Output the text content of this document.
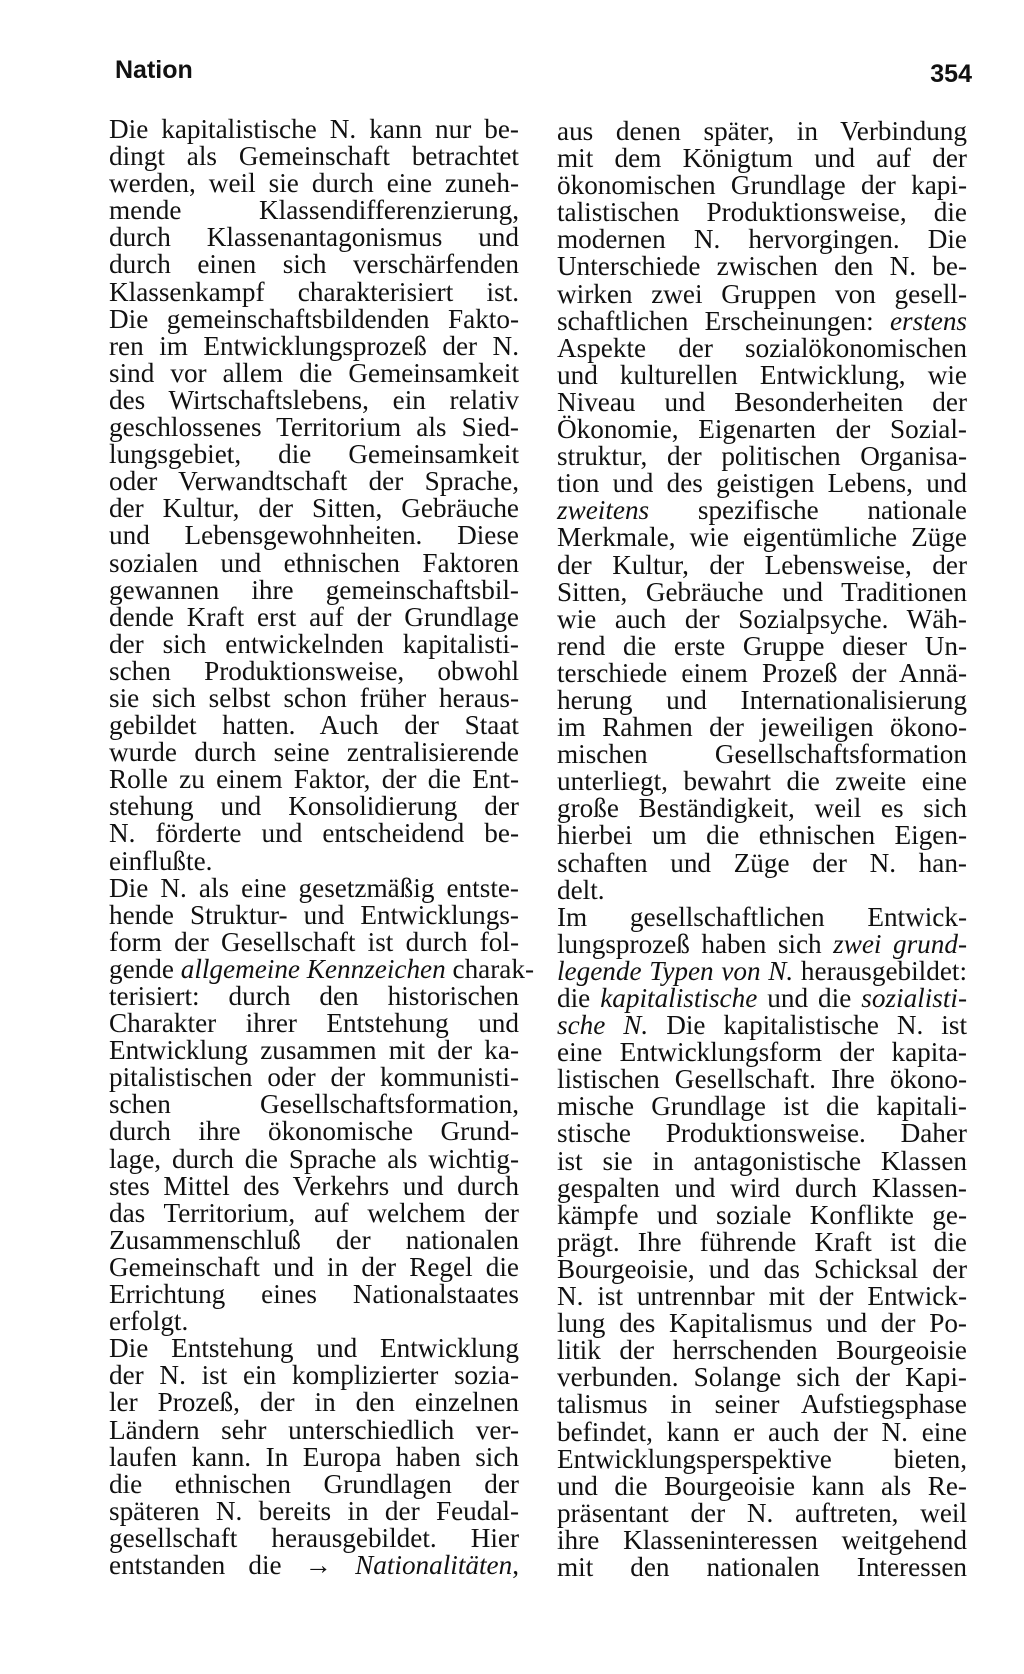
Nation	354
Die kapitalistische N. kann nur be-
dingt als Gemeinschaft betrachtet
werden, weil sie durch eine zuneh-
mende Klassendifferenzierung,
durch Klassenantagonismus und
durch einen sich verschärfenden
Klassenkampf charakterisiert ist.
Die gemeinschaftsbildenden Fakto-
ren im Entwicklungsprozeß der N.
sind vor allem die Gemeinsamkeit
des Wirtschaftslebens, ein relativ
geschlossenes Territorium als Sied-
lungsgebiet, die Gemeinsamkeit
oder Verwandtschaft der Sprache,
der Kultur, der Sitten, Gebräuche
und Lebensgewohnheiten. Diese
sozialen und ethnischen Faktoren
gewannen ihre gemeinschaftsbil-
dende Kraft erst auf der Grundlage
der sich entwickelnden kapitalisti-
schen Produktionsweise, obwohl
sie sich selbst schon früher heraus-
gebildet hatten. Auch der Staat
wurde durch seine zentralisierende
Rolle zu einem Faktor, der die Ent-
stehung und Konsolidierung der
N. förderte und entscheidend be-
einflußte.
Die N. als eine gesetzmäßig entste-
hende Struktur- und Entwicklungs-
form der Gesellschaft ist durch fol-
gende allgemeine Kennzeichen charak-
terisiert: durch den historischen
Charakter ihrer Entstehung und
Entwicklung zusammen mit der ka-
pitalistischen oder der kommunisti-
schen Gesellschaftsformation,
durch ihre ökonomische Grund-
lage, durch die Sprache als wichtig-
stes Mittel des Verkehrs und durch
das Territorium, auf welchem der
Zusammenschluß der nationalen
Gemeinschaft und in der Regel die
Errichtung eines Nationalstaates
erfolgt.
Die Entstehung und Entwicklung
der N. ist ein komplizierter sozia-
ler Prozeß, der in den einzelnen
Ländern sehr unterschiedlich ver-
laufen kann. In Europa haben sich
die ethnischen Grundlagen der
späteren N. bereits in der Feudal-
gesellschaft herausgebildet. Hier
entstanden die → Nationalitäten,
aus denen später, in Verbindung
mit dem Königtum und auf der
ökonomischen Grundlage der kapi-
talistischen Produktionsweise, die
modernen N. hervorgingen. Die
Unterschiede zwischen den N. be-
wirken zwei Gruppen von gesell-
schaftlichen Erscheinungen: erstens
Aspekte der sozialökonomischen
und kulturellen Entwicklung, wie
Niveau und Besonderheiten der
Ökonomie, Eigenarten der Sozial-
struktur, der politischen Organisa-
tion und des geistigen Lebens, und
zweitens spezifische nationale
Merkmale, wie eigentümliche Züge
der Kultur, der Lebensweise, der
Sitten, Gebräuche und Traditionen
wie auch der Sozialpsyche. Wäh-
rend die erste Gruppe dieser Un-
terschiede einem Prozeß der Annä-
herung und Internationalisierung
im Rahmen der jeweiligen ökono-
mischen Gesellschaftsformation
unterliegt, bewahrt die zweite eine
große Beständigkeit, weil es sich
hierbei um die ethnischen Eigen-
schaften und Züge der N. han-
delt.
Im gesellschaftlichen Entwick-
lungsprozeß haben sich zwei grund-
legende Typen von N. herausgebildet:
die kapitalistische und die sozialisti-
sche N. Die kapitalistische N. ist
eine Entwicklungsform der kapita-
listischen Gesellschaft. Ihre ökono-
mische Grundlage ist die kapitali-
stische Produktionsweise. Daher
ist sie in antagonistische Klassen
gespalten und wird durch Klassen-
kämpfe und soziale Konflikte ge-
prägt. Ihre führende Kraft ist die
Bourgeoisie, und das Schicksal der
N. ist untrennbar mit der Entwick-
lung des Kapitalismus und der Po-
litik der herrschenden Bourgeoisie
verbunden. Solange sich der Kapi-
talismus in seiner Aufstiegsphase
befindet, kann er auch der N. eine
Entwicklungsperspektive bieten,
und die Bourgeoisie kann als Re-
präsentant der N. auftreten, weil
ihre Klasseninteressen weitgehend
mit den nationalen Interessen
